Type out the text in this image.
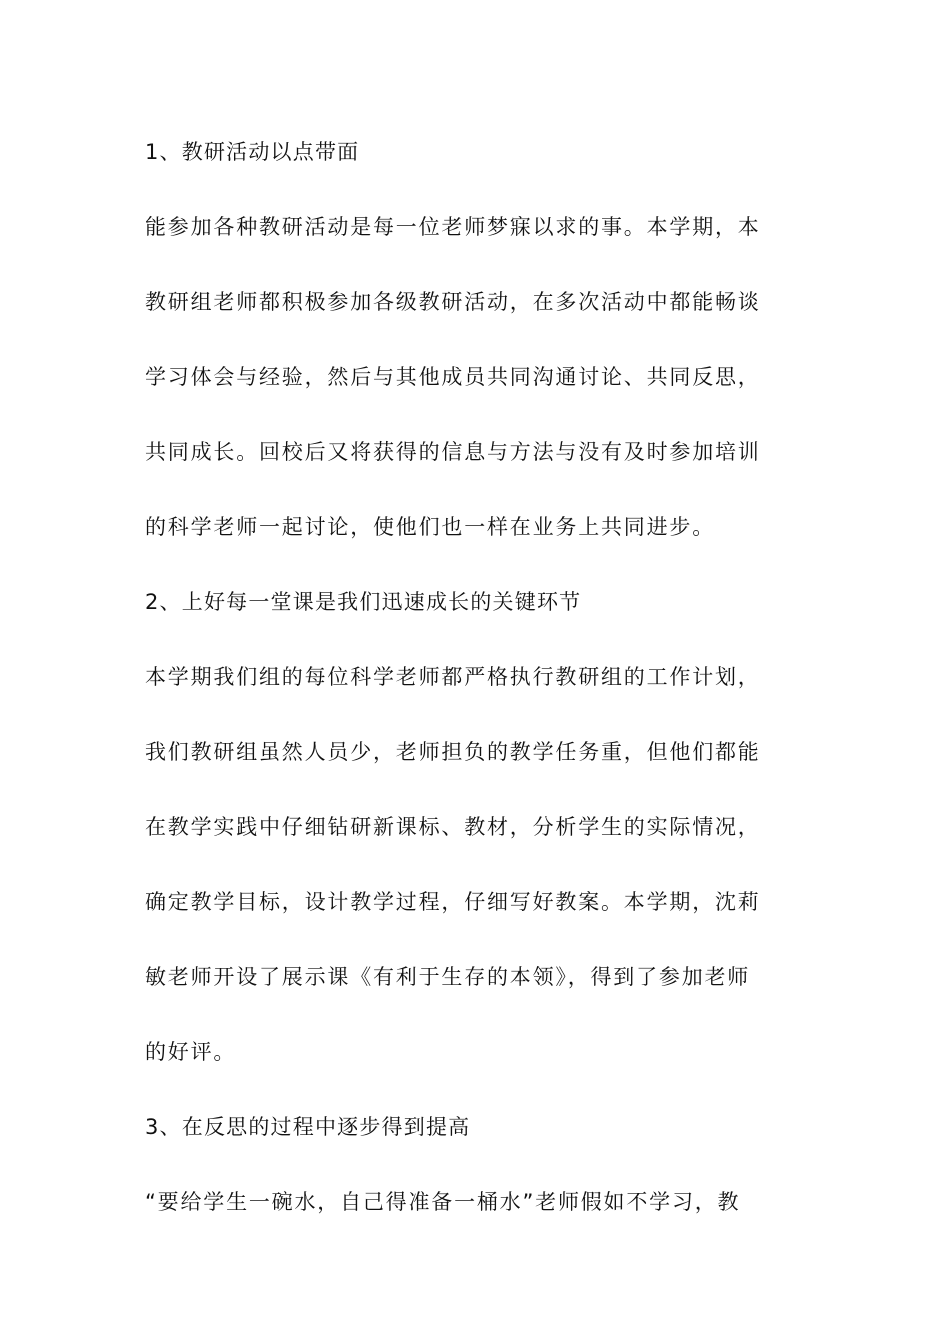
1、教研活动以点带面
能参加各种教研活动是每一位老师梦寐以求的事。本学期，本
教研组老师都积极参加各级教研活动，在多次活动中都能畅谈
学习体会与经验，然后与其他成员共同沟通讨论、共同反思，
共同成长。回校后又将获得的信息与方法与没有及时参加培训
的科学老师一起讨论，使他们也一样在业务上共同进步。
2、上好每一堂课是我们迅速成长的关键环节
本学期我们组的每位科学老师都严格执行教研组的工作计划，
我们教研组虽然人员少，老师担负的教学任务重，但他们都能
在教学实践中仔细钻研新课标、教材，分析学生的实际情况，
确定教学目标，设计教学过程，仔细写好教案。本学期，沈莉
敏老师开设了展示课《有利于生存的本领》，得到了参加老师
的好评。
3、在反思的过程中逐步得到提高
“要给学生一碗水，自己得准备一桶水”老师假如不学习，教
